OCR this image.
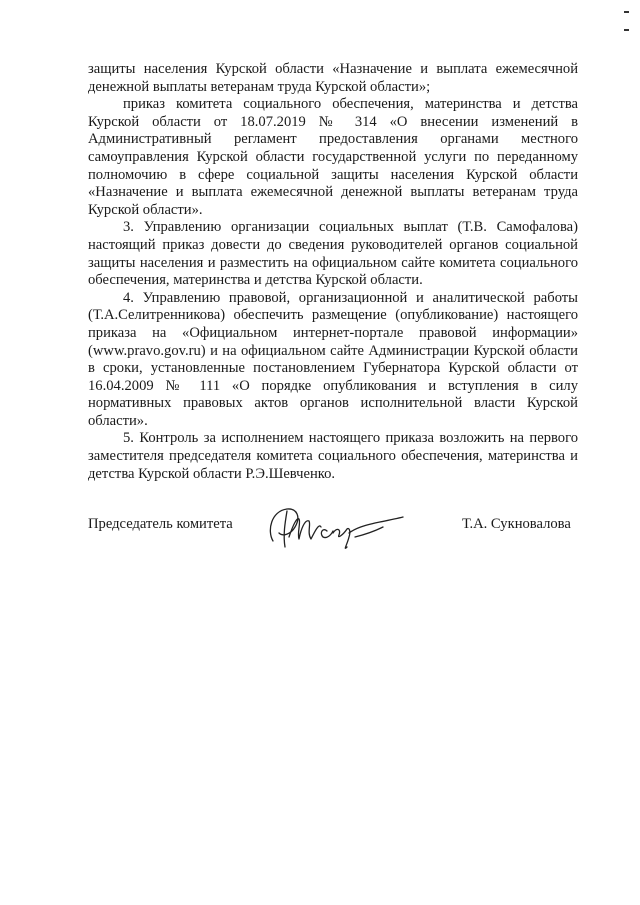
защиты населения Курской области «Назначение и выплата ежемесячной денежной выплаты ветеранам труда Курской области»;

приказ комитета социального обеспечения, материнства и детства Курской области от 18.07.2019 № 314 «О внесении изменений в Административный регламент предоставления органами местного самоуправления Курской области государственной услуги по переданному полномочию в сфере социальной защиты населения Курской области «Назначение и выплата ежемесячной денежной выплаты ветеранам труда Курской области».

3. Управлению организации социальных выплат (Т.В. Самофалова) настоящий приказ довести до сведения руководителей органов социальной защиты населения и разместить на официальном сайте комитета социального обеспечения, материнства и детства Курской области.

4. Управлению правовой, организационной и аналитической работы (Т.А.Селитренникова) обеспечить размещение (опубликование) настоящего приказа на «Официальном интернет-портале правовой информации» (www.pravo.gov.ru) и на официальном сайте Администрации Курской области в сроки, установленные постановлением Губернатора Курской области от 16.04.2009 № 111 «О порядке опубликования и вступления в силу нормативных правовых актов органов исполнительной власти Курской области».

5. Контроль за исполнением настоящего приказа возложить на первого заместителя председателя комитета социального обеспечения, материнства и детства Курской области Р.Э.Шевченко.

Председатель комитета	Т.А. Сукновалова
